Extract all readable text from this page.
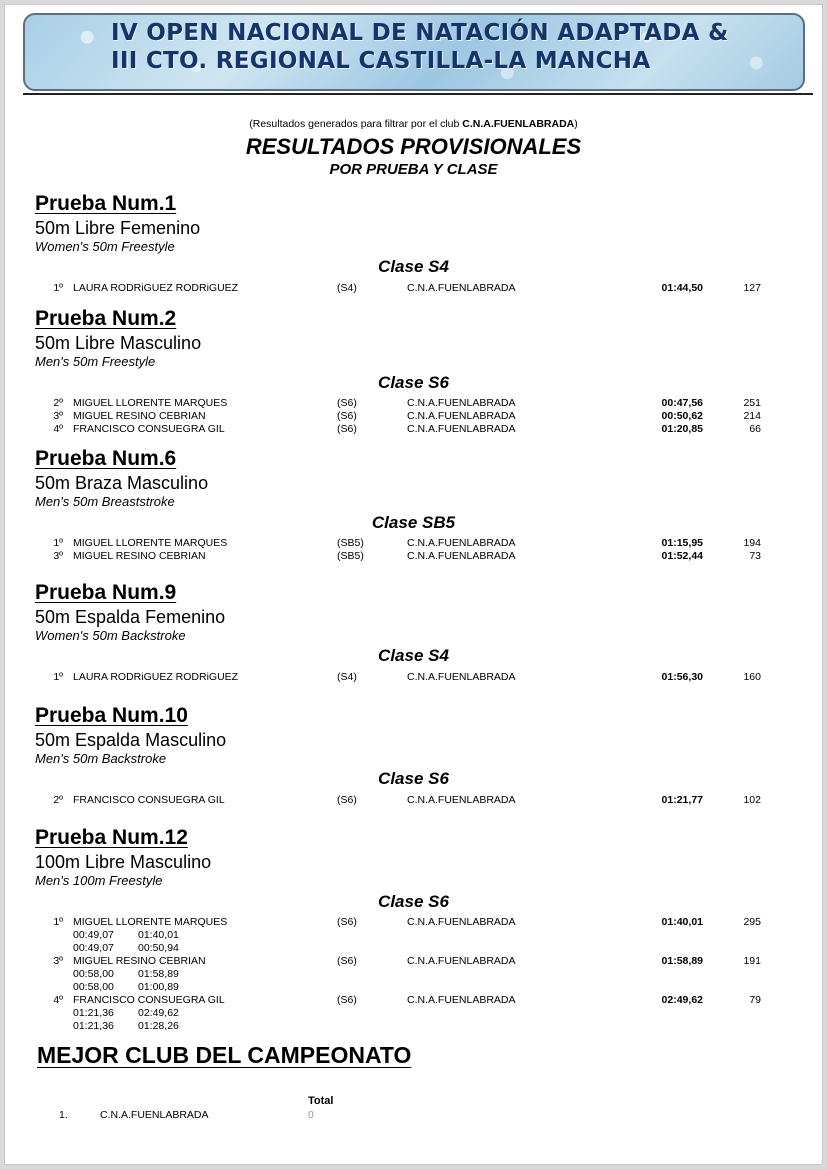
IV OPEN NACIONAL DE NATACIÓN ADAPTADA &
III CTO. REGIONAL CASTILLA-LA MANCHA
(Resultados generados para filtrar por el club C.N.A.FUENLABRADA)
RESULTADOS PROVISIONALES
POR PRUEBA Y CLASE
Prueba Num.1
50m Libre Femenino
Women's 50m Freestyle
Clase S4
1º LAURA RODRiGUEZ RODRiGUEZ	(S4)	C.N.A.FUENLABRADA	01:44,50	127
Prueba Num.2
50m Libre Masculino
Men's 50m Freestyle
Clase S6
2º MIGUEL LLORENTE MARQUES	(S6)	C.N.A.FUENLABRADA	00:47,56	251
3º MIGUEL RESINO CEBRIAN	(S6)	C.N.A.FUENLABRADA	00:50,62	214
4º FRANCISCO CONSUEGRA GIL	(S6)	C.N.A.FUENLABRADA	01:20,85	66
Prueba Num.6
50m Braza Masculino
Men's 50m Breaststroke
Clase SB5
1º MIGUEL LLORENTE MARQUES	(SB5)	C.N.A.FUENLABRADA	01:15,95	194
3º MIGUEL RESINO CEBRIAN	(SB5)	C.N.A.FUENLABRADA	01:52,44	73
Prueba Num.9
50m Espalda Femenino
Women's 50m Backstroke
Clase S4
1º LAURA RODRiGUEZ RODRiGUEZ	(S4)	C.N.A.FUENLABRADA	01:56,30	160
Prueba Num.10
50m Espalda Masculino
Men's 50m Backstroke
Clase S6
2º FRANCISCO CONSUEGRA GIL	(S6)	C.N.A.FUENLABRADA	01:21,77	102
Prueba Num.12
100m Libre Masculino
Men's 100m Freestyle
Clase S6
1º MIGUEL LLORENTE MARQUES	(S6)	C.N.A.FUENLABRADA	01:40,01	295
00:49,07 01:40,01
00:49,07 00:50,94
3º MIGUEL RESINO CEBRIAN	(S6)	C.N.A.FUENLABRADA	01:58,89	191
00:58,00 01:58,89
00:58,00 01:00,89
4º FRANCISCO CONSUEGRA GIL	(S6)	C.N.A.FUENLABRADA	02:49,62	79
01:21,36 02:49,62
01:21,36 01:28,26
MEJOR CLUB DEL CAMPEONATO
Total
1.	C.N.A.FUENLABRADA	0
